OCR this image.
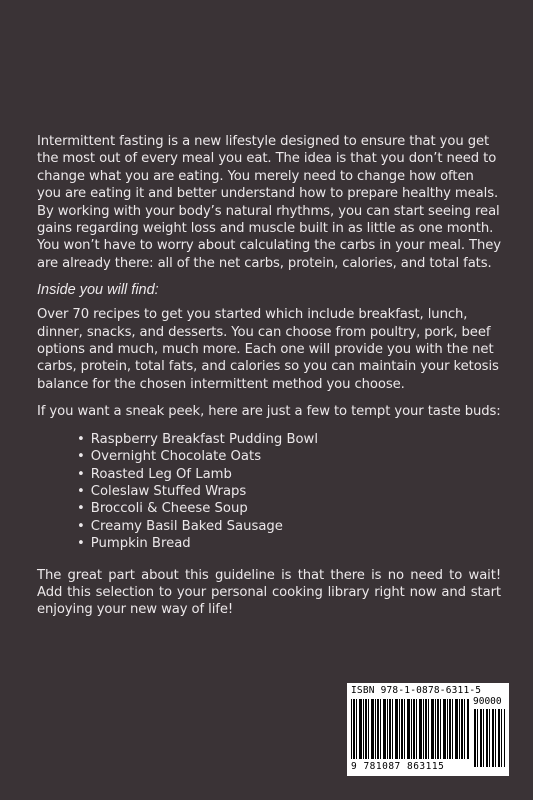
Intermittent fasting is a new lifestyle designed to ensure that you get the most out of every meal you eat. The idea is that you don’t need to change what you are eating. You merely need to change how often you are eating it and better understand how to prepare healthy meals. By working with your body’s natural rhythms, you can start seeing real gains regarding weight loss and muscle built in as little as one month. You won’t have to worry about calculating the carbs in your meal. They are already there: all of the net carbs, protein, calories, and total fats.

Inside you will find:

Over 70 recipes to get you started which include breakfast, lunch, dinner, snacks, and desserts. You can choose from poultry, pork, beef options and much, much more. Each one will provide you with the net carbs, protein, total fats, and calories so you can maintain your ketosis balance for the chosen intermittent method you choose.

If you want a sneak peek, here are just a few to tempt your taste buds:

• Raspberry Breakfast Pudding Bowl
• Overnight Chocolate Oats
• Roasted Leg Of Lamb
• Coleslaw Stuffed Wraps
• Broccoli & Cheese Soup
• Creamy Basil Baked Sausage
• Pumpkin Bread

The great part about this guideline is that there is no need to wait! Add this selection to your personal cooking library right now and start enjoying your new way of life!

ISBN 978-1-0878-6311-5
90000
9 781087 863115
